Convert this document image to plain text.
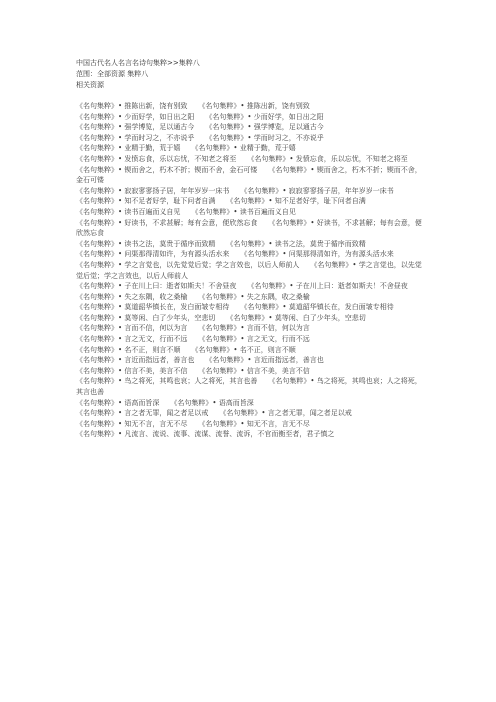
中国古代名人名言名诗句集粹>>集粹八
范围：全部资源 集粹八
相关资源
《名句集粹》• 推陈出新，饶有别致 《名句集粹》• 推陈出新，饶有别致
《名句集粹》• 少而好学，如日出之阳 《名句集粹》• 少而好学，如日出之阳
《名句集粹》• 强学博览，足以通古今 《名句集粹》• 强学博览，足以通古今
《名句集粹》• 学而时习之，不亦说乎 《名句集粹》• 学而时习之，不亦说乎
《名句集粹》• 业精于勤，荒于嬉 《名句集粹》• 业精于勤，荒于嬉
《名句集粹》• 发愤忘食，乐以忘忧，不知老之将至 《名句集粹》• 发愤忘食，乐以忘忧，不知老之将至
《名句集粹》• 锲而舍之，朽木不折；锲而不舍，金石可镂 《名句集粹》• 锲而舍之，朽木不折；锲而不舍，金石可镂
《名句集粹》• 寂寂寥寥扬子居，年年岁岁一床书 《名句集粹》• 寂寂寥寥扬子居，年年岁岁一床书
《名句集粹》• 知不足者好学，耻下问者自满 《名句集粹》• 知不足者好学，耻下问者自满
《名句集粹》• 读书百遍而义自见 《名句集粹》• 读书百遍而义自见
《名句集粹》• 好读书，不求甚解；每有会意，便欣然忘食 《名句集粹》• 好读书，不求甚解；每有会意，便欣然忘食
《名句集粹》• 读书之法，莫贵于循序而致精 《名句集粹》• 读书之法，莫贵于循序而致精
《名句集粹》• 问渠那得清如许，为有源头活水来 《名句集粹》• 问渠那得清如许，为有源头活水来
《名句集粹》• 学之言觉也，以先觉觉后觉；学之言效也，以后人师前人 《名句集粹》• 学之言觉也，以先觉觉后觉；学之言效也，以后人师前人
《名句集粹》• 子在川上曰：逝者如斯夫！不舍昼夜 《名句集粹》• 子在川上曰：逝者如斯夫！不舍昼夜
《名句集粹》• 失之东隅，收之桑榆 《名句集粹》• 失之东隅，收之桑榆
《名句集粹》• 莫道韶华镇长在，发白面皱专相待 《名句集粹》• 莫道韶华镇长在，发白面皱专相待
《名句集粹》• 莫等闲、白了少年头，空悲切 《名句集粹》• 莫等闲、白了少年头，空悲切
《名句集粹》• 言而不信，何以为言 《名句集粹》• 言而不信，何以为言
《名句集粹》• 言之无文，行而不远 《名句集粹》• 言之无文，行而不远
《名句集粹》• 名不正，则言不顺 《名句集粹》• 名不正，则言不顺
《名句集粹》• 言近而指远者，善言也 《名句集粹》• 言近而指远者，善言也
《名句集粹》• 信言不美，美言不信 《名句集粹》• 信言不美，美言不信
《名句集粹》• 鸟之将死，其鸣也哀；人之将死，其言也善 《名句集粹》• 鸟之将死，其鸣也哀；人之将死，其言也善
《名句集粹》• 语高而旨深 《名句集粹》• 语高而旨深
《名句集粹》• 言之者无罪，闻之者足以戒 《名句集粹》• 言之者无罪，闻之者足以戒
《名句集粹》• 知无不言，言无不尽 《名句集粹》• 知无不言，言无不尽
《名句集粹》• 凡流言、流说、流事、流谋、流誉、流诉，不官而衡至者，君子慎之
